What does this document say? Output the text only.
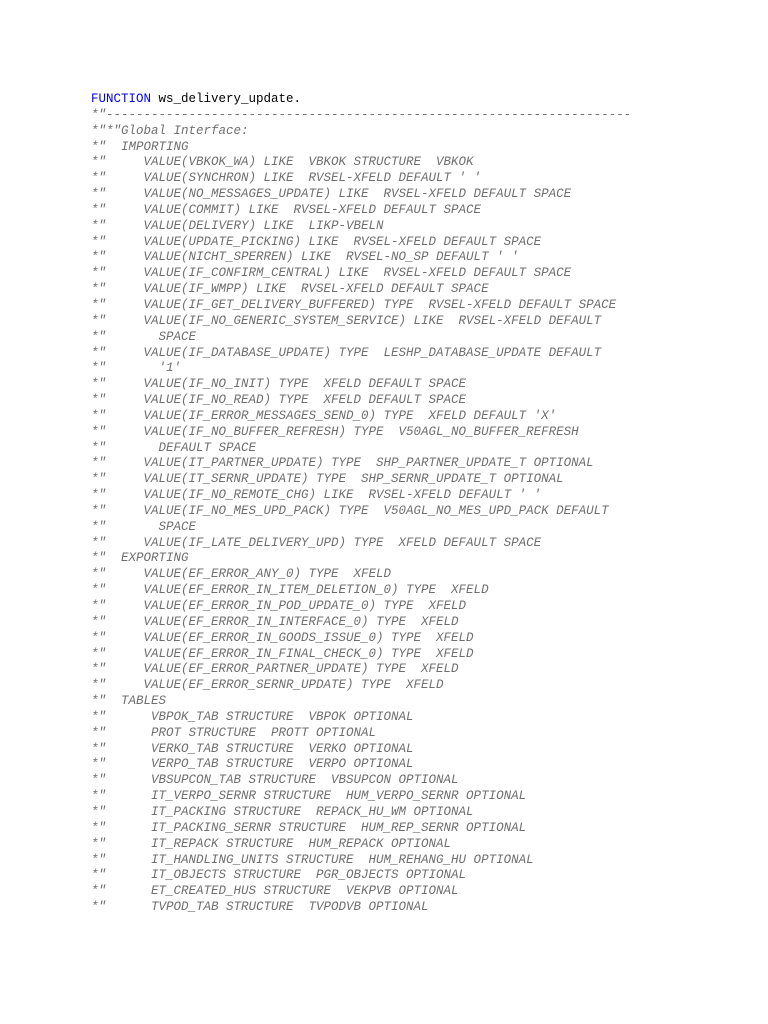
FUNCTION ws_delivery_update.
*"----------------------------------------------------------------------
*"*"Global Interface:
*"  IMPORTING
*"     VALUE(VBKOK_WA) LIKE  VBKOK STRUCTURE  VBKOK
*"     VALUE(SYNCHRON) LIKE  RVSEL-XFELD DEFAULT ' '
*"     VALUE(NO_MESSAGES_UPDATE) LIKE  RVSEL-XFELD DEFAULT SPACE
*"     VALUE(COMMIT) LIKE  RVSEL-XFELD DEFAULT SPACE
*"     VALUE(DELIVERY) LIKE  LIKP-VBELN
*"     VALUE(UPDATE_PICKING) LIKE  RVSEL-XFELD DEFAULT SPACE
*"     VALUE(NICHT_SPERREN) LIKE  RVSEL-NO_SP DEFAULT ' '
*"     VALUE(IF_CONFIRM_CENTRAL) LIKE  RVSEL-XFELD DEFAULT SPACE
*"     VALUE(IF_WMPP) LIKE  RVSEL-XFELD DEFAULT SPACE
*"     VALUE(IF_GET_DELIVERY_BUFFERED) TYPE  RVSEL-XFELD DEFAULT SPACE
*"     VALUE(IF_NO_GENERIC_SYSTEM_SERVICE) LIKE  RVSEL-XFELD DEFAULT
*"       SPACE
*"     VALUE(IF_DATABASE_UPDATE) TYPE  LESHP_DATABASE_UPDATE DEFAULT
*"       '1'
*"     VALUE(IF_NO_INIT) TYPE  XFELD DEFAULT SPACE
*"     VALUE(IF_NO_READ) TYPE  XFELD DEFAULT SPACE
*"     VALUE(IF_ERROR_MESSAGES_SEND_0) TYPE  XFELD DEFAULT 'X'
*"     VALUE(IF_NO_BUFFER_REFRESH) TYPE  V50AGL_NO_BUFFER_REFRESH
*"       DEFAULT SPACE
*"     VALUE(IT_PARTNER_UPDATE) TYPE  SHP_PARTNER_UPDATE_T OPTIONAL
*"     VALUE(IT_SERNR_UPDATE) TYPE  SHP_SERNR_UPDATE_T OPTIONAL
*"     VALUE(IF_NO_REMOTE_CHG) LIKE  RVSEL-XFELD DEFAULT ' '
*"     VALUE(IF_NO_MES_UPD_PACK) TYPE  V50AGL_NO_MES_UPD_PACK DEFAULT
*"       SPACE
*"     VALUE(IF_LATE_DELIVERY_UPD) TYPE  XFELD DEFAULT SPACE
*"  EXPORTING
*"     VALUE(EF_ERROR_ANY_0) TYPE  XFELD
*"     VALUE(EF_ERROR_IN_ITEM_DELETION_0) TYPE  XFELD
*"     VALUE(EF_ERROR_IN_POD_UPDATE_0) TYPE  XFELD
*"     VALUE(EF_ERROR_IN_INTERFACE_0) TYPE  XFELD
*"     VALUE(EF_ERROR_IN_GOODS_ISSUE_0) TYPE  XFELD
*"     VALUE(EF_ERROR_IN_FINAL_CHECK_0) TYPE  XFELD
*"     VALUE(EF_ERROR_PARTNER_UPDATE) TYPE  XFELD
*"     VALUE(EF_ERROR_SERNR_UPDATE) TYPE  XFELD
*"  TABLES
*"      VBPOK_TAB STRUCTURE  VBPOK OPTIONAL
*"      PROT STRUCTURE  PROTT OPTIONAL
*"      VERKO_TAB STRUCTURE  VERKO OPTIONAL
*"      VERPO_TAB STRUCTURE  VERPO OPTIONAL
*"      VBSUPCON_TAB STRUCTURE  VBSUPCON OPTIONAL
*"      IT_VERPO_SERNR STRUCTURE  HUM_VERPO_SERNR OPTIONAL
*"      IT_PACKING STRUCTURE  REPACK_HU_WM OPTIONAL
*"      IT_PACKING_SERNR STRUCTURE  HUM_REP_SERNR OPTIONAL
*"      IT_REPACK STRUCTURE  HUM_REPACK OPTIONAL
*"      IT_HANDLING_UNITS STRUCTURE  HUM_REHANG_HU OPTIONAL
*"      IT_OBJECTS STRUCTURE  PGR_OBJECTS OPTIONAL
*"      ET_CREATED_HUS STRUCTURE  VEKPVB OPTIONAL
*"      TVPOD_TAB STRUCTURE  TVPODVB OPTIONAL
